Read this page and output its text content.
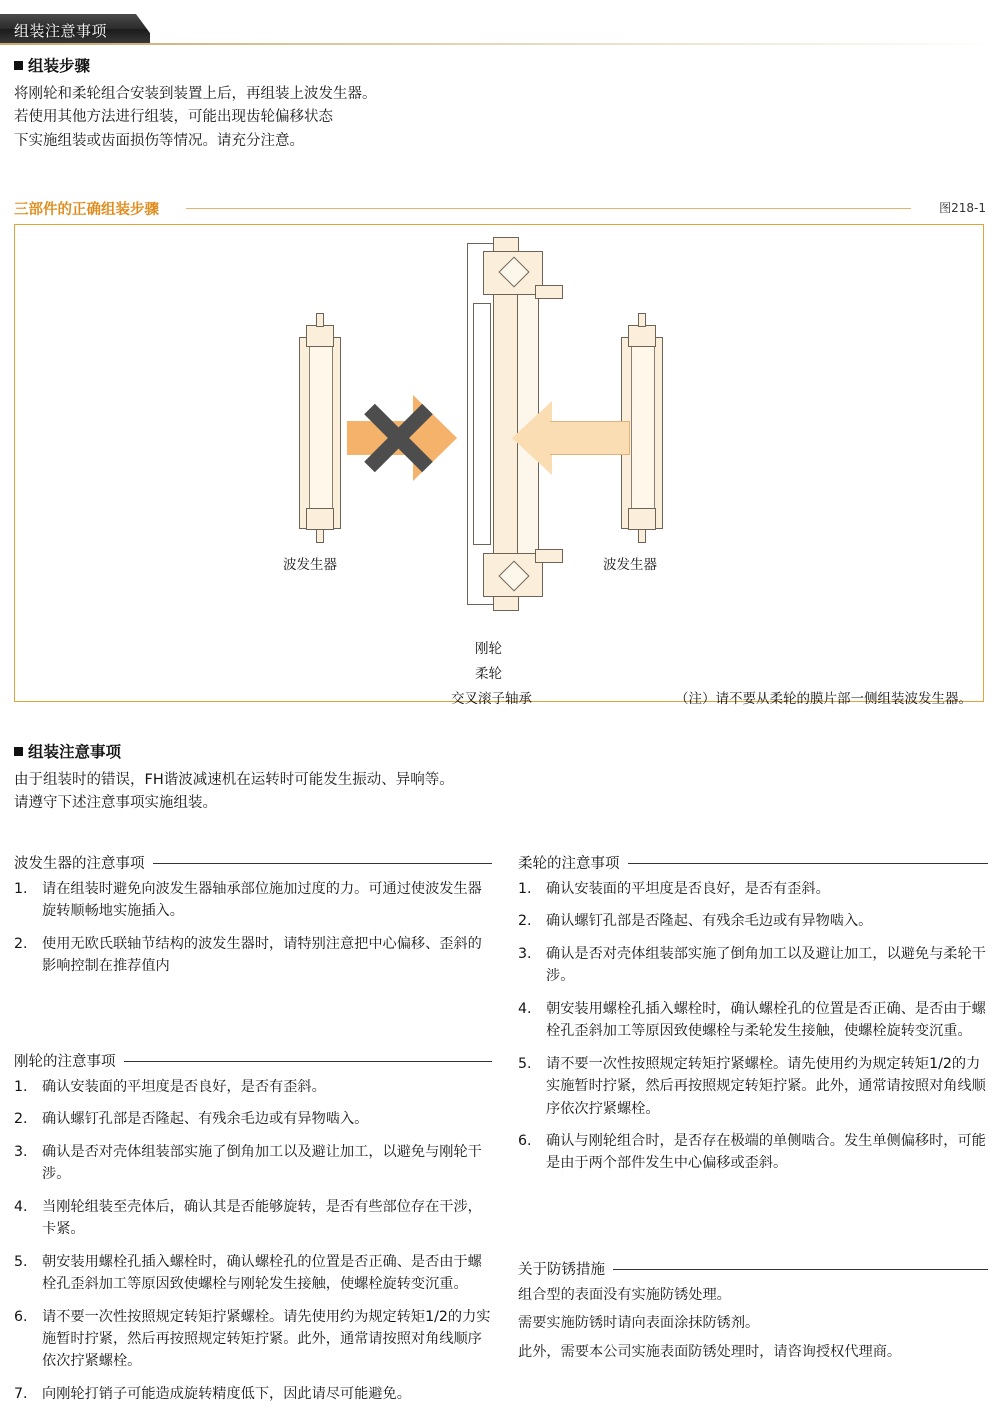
组装注意事项
组装步骤
将刚轮和柔轮组合安装到装置上后，再组装上波发生器。
若使用其他方法进行组装，可能出现齿轮偏移状态
下实施组装或齿面损伤等情况。请充分注意。
三部件的正确组装步骤	图218-1
波发生器	波发生器
刚轮
柔轮
交叉滚子轴承	（注）请不要从柔轮的膜片部一侧组装波发生器。
组装注意事项
由于组装时的错误，FH谐波减速机在运转时可能发生振动、异响等。
请遵守下述注意事项实施组装。
波发生器的注意事项
1.	请在组装时避免向波发生器轴承部位施加过度的力。可通过使波发生器旋转顺畅地实施插入。
2.	使用无欧氏联轴节结构的波发生器时，请特别注意把中心偏移、歪斜的影响控制在推荐值内
刚轮的注意事项
1.	确认安装面的平坦度是否良好，是否有歪斜。
2.	确认螺钉孔部是否隆起、有残余毛边或有异物啮入。
3.	确认是否对壳体组装部实施了倒角加工以及避让加工，以避免与刚轮干涉。
4.	当刚轮组装至壳体后，确认其是否能够旋转，是否有些部位存在干涉，卡紧。
5.	朝安装用螺栓孔插入螺栓时，确认螺栓孔的位置是否正确、是否由于螺栓孔歪斜加工等原因致使螺栓与刚轮发生接触，使螺栓旋转变沉重。
6.	请不要一次性按照规定转矩拧紧螺栓。请先使用约为规定转矩1/2的力实施暂时拧紧，然后再按照规定转矩拧紧。此外，通常请按照对角线顺序依次拧紧螺栓。
7.	向刚轮打销子可能造成旋转精度低下，因此请尽可能避免。
柔轮的注意事项
1.	确认安装面的平坦度是否良好，是否有歪斜。
2.	确认螺钉孔部是否隆起、有残余毛边或有异物啮入。
3.	确认是否对壳体组装部实施了倒角加工以及避让加工，以避免与柔轮干涉。
4.	朝安装用螺栓孔插入螺栓时，确认螺栓孔的位置是否正确、是否由于螺栓孔歪斜加工等原因致使螺栓与柔轮发生接触，使螺栓旋转变沉重。
5.	请不要一次性按照规定转矩拧紧螺栓。请先使用约为规定转矩1/2的力实施暂时拧紧，然后再按照规定转矩拧紧。此外，通常请按照对角线顺序依次拧紧螺栓。
6.	确认与刚轮组合时，是否存在极端的单侧啮合。发生单侧偏移时，可能是由于两个部件发生中心偏移或歪斜。
关于防锈措施

组合型的表面没有实施防锈处理。

需要实施防锈时请向表面涂抹防锈剂。

此外，需要本公司实施表面防锈处理时，请咨询授权代理商。
